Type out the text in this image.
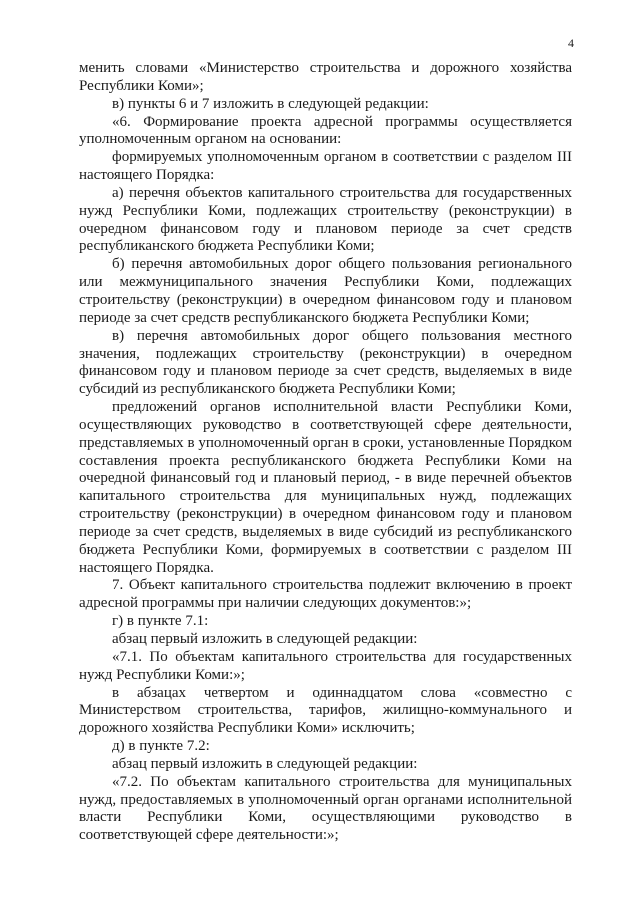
4

менить словами «Министерство строительства и дорожного хозяйства Республики Коми»;

в) пункты 6 и 7 изложить в следующей редакции:

«6. Формирование проекта адресной программы осуществляется уполномоченным органом на основании:

формируемых уполномоченным органом в соответствии с разделом III настоящего Порядка:

а) перечня объектов капитального строительства для государственных нужд Республики Коми, подлежащих строительству (реконструкции) в очередном финансовом году и плановом периоде за счет средств республиканского бюджета Республики Коми;

б) перечня автомобильных дорог общего пользования регионального или межмуниципального значения Республики Коми, подлежащих строительству (реконструкции) в очередном финансовом году и плановом периоде за счет средств республиканского бюджета Республики Коми;

в) перечня автомобильных дорог общего пользования местного значения, подлежащих строительству (реконструкции) в очередном финансовом году и плановом периоде за счет средств, выделяемых в виде субсидий из республиканского бюджета Республики Коми;

предложений органов исполнительной власти Республики Коми, осуществляющих руководство в соответствующей сфере деятельности, представляемых в уполномоченный орган в сроки, установленные Порядком составления проекта республиканского бюджета Республики Коми на очередной финансовый год и плановый период, - в виде перечней объектов капитального строительства для муниципальных нужд, подлежащих строительству (реконструкции) в очередном финансовом году и плановом периоде за счет средств, выделяемых в виде субсидий из республиканского бюджета Республики Коми, формируемых в соответствии с разделом III настоящего Порядка.

7. Объект капитального строительства подлежит включению в проект адресной программы при наличии следующих документов:»;

г) в пункте 7.1:

абзац первый изложить в следующей редакции:

«7.1. По объектам капитального строительства для государственных нужд Республики Коми:»;

в абзацах четвертом и одиннадцатом слова «совместно с Министерством строительства, тарифов, жилищно-коммунального и дорожного хозяйства Республики Коми» исключить;

д) в пункте 7.2:

абзац первый изложить в следующей редакции:

«7.2. По объектам капитального строительства для муниципальных нужд, предоставляемых в уполномоченный орган органами исполнительной власти Республики Коми, осуществляющими руководство в соответствующей сфере деятельности:»;
